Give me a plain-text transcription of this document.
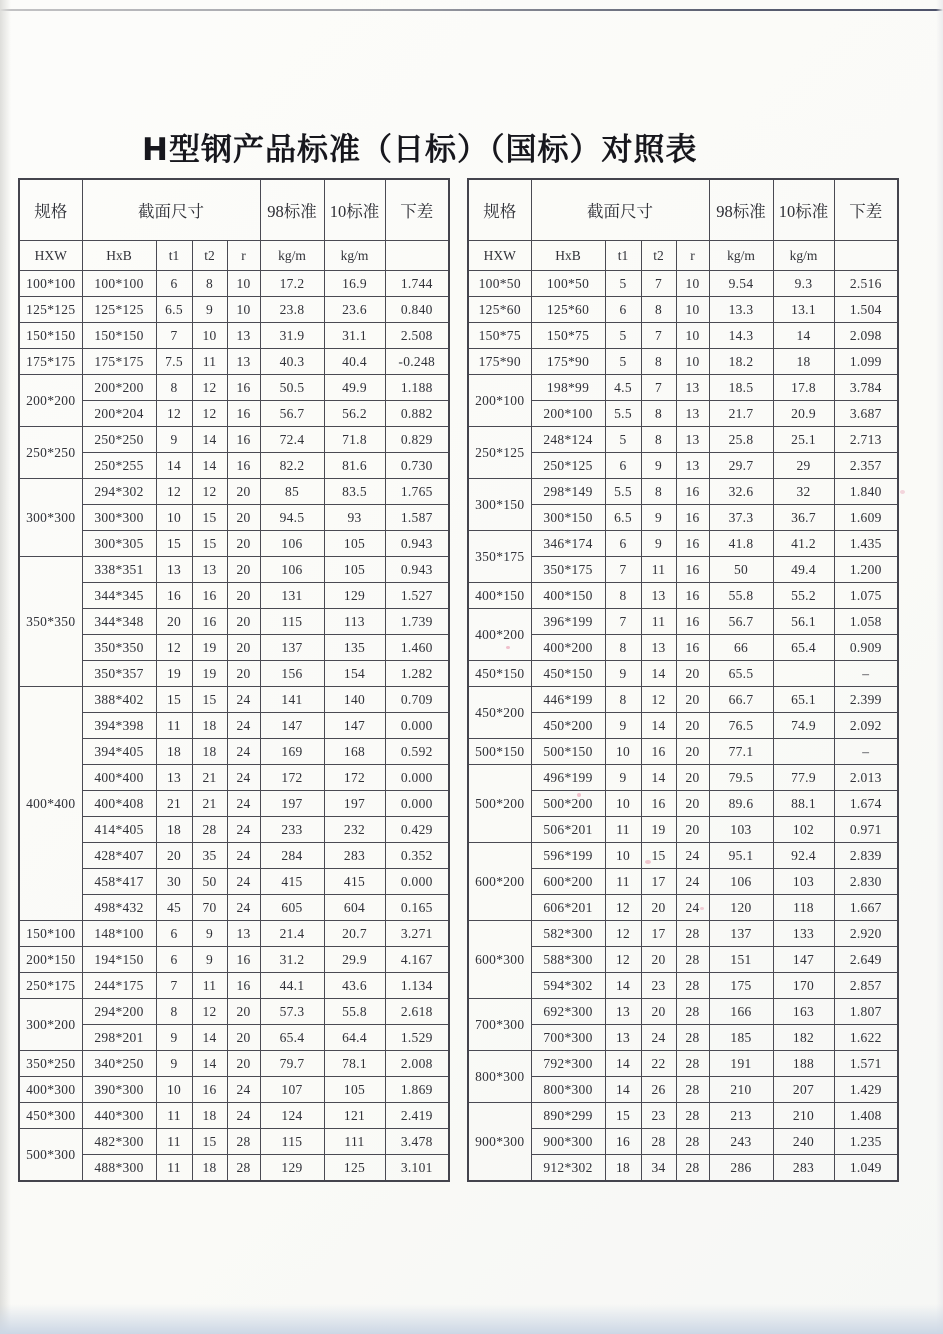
H型钢产品标准（日标）（国标）对照表
规格	截面尺寸				98标准	10标准	下差
HXW	HxB	t1	t2	r	kg/m	kg/m	
100*100	100*100	6	8	10	17.2	16.9	1.744
125*125	125*125	6.5	9	10	23.8	23.6	0.840
150*150	150*150	7	10	13	31.9	31.1	2.508
175*175	175*175	7.5	11	13	40.3	40.4	-0.248
200*200	200*200	8	12	16	50.5	49.9	1.188
	200*204	12	12	16	56.7	56.2	0.882
250*250	250*250	9	14	16	72.4	71.8	0.829
	250*255	14	14	16	82.2	81.6	0.730
300*300	294*302	12	12	20	85	83.5	1.765
	300*300	10	15	20	94.5	93	1.587
	300*305	15	15	20	106	105	0.943
350*350	338*351	13	13	20	106	105	0.943
	344*345	16	16	20	131	129	1.527
	344*348	20	16	20	115	113	1.739
	350*350	12	19	20	137	135	1.460
	350*357	19	19	20	156	154	1.282
400*400	388*402	15	15	24	141	140	0.709
	394*398	11	18	24	147	147	0.000
	394*405	18	18	24	169	168	0.592
	400*400	13	21	24	172	172	0.000
	400*408	21	21	24	197	197	0.000
	414*405	18	28	24	233	232	0.429
	428*407	20	35	24	284	283	0.352
	458*417	30	50	24	415	415	0.000
	498*432	45	70	24	605	604	0.165
150*100	148*100	6	9	13	21.4	20.7	3.271
200*150	194*150	6	9	16	31.2	29.9	4.167
250*175	244*175	7	11	16	44.1	43.6	1.134
300*200	294*200	8	12	20	57.3	55.8	2.618
	298*201	9	14	20	65.4	64.4	1.529
350*250	340*250	9	14	20	79.7	78.1	2.008
400*300	390*300	10	16	24	107	105	1.869
450*300	440*300	11	18	24	124	121	2.419
500*300	482*300	11	15	28	115	111	3.478
	488*300	11	18	28	129	125	3.101
规格	截面尺寸				98标准	10标准	下差
HXW	HxB	t1	t2	r	kg/m	kg/m	
100*50	100*50	5	7	10	9.54	9.3	2.516
125*60	125*60	6	8	10	13.3	13.1	1.504
150*75	150*75	5	7	10	14.3	14	2.098
175*90	175*90	5	8	10	18.2	18	1.099
200*100	198*99	4.5	7	13	18.5	17.8	3.784
	200*100	5.5	8	13	21.7	20.9	3.687
250*125	248*124	5	8	13	25.8	25.1	2.713
	250*125	6	9	13	29.7	29	2.357
300*150	298*149	5.5	8	16	32.6	32	1.840
	300*150	6.5	9	16	37.3	36.7	1.609
350*175	346*174	6	9	16	41.8	41.2	1.435
	350*175	7	11	16	50	49.4	1.200
400*150	400*150	8	13	16	55.8	55.2	1.075
400*200	396*199	7	11	16	56.7	56.1	1.058
	400*200	8	13	16	66	65.4	0.909
450*150	450*150	9	14	20	65.5		–
450*200	446*199	8	12	20	66.7	65.1	2.399
	450*200	9	14	20	76.5	74.9	2.092
500*150	500*150	10	16	20	77.1		–
500*200	496*199	9	14	20	79.5	77.9	2.013
	500*200	10	16	20	89.6	88.1	1.674
	506*201	11	19	20	103	102	0.971
600*200	596*199	10	15	24	95.1	92.4	2.839
	600*200	11	17	24	106	103	2.830
	606*201	12	20	24	120	118	1.667
600*300	582*300	12	17	28	137	133	2.920
	588*300	12	20	28	151	147	2.649
	594*302	14	23	28	175	170	2.857
700*300	692*300	13	20	28	166	163	1.807
	700*300	13	24	28	185	182	1.622
800*300	792*300	14	22	28	191	188	1.571
	800*300	14	26	28	210	207	1.429
900*300	890*299	15	23	28	213	210	1.408
	900*300	16	28	28	243	240	1.235
	912*302	18	34	28	286	283	1.049
